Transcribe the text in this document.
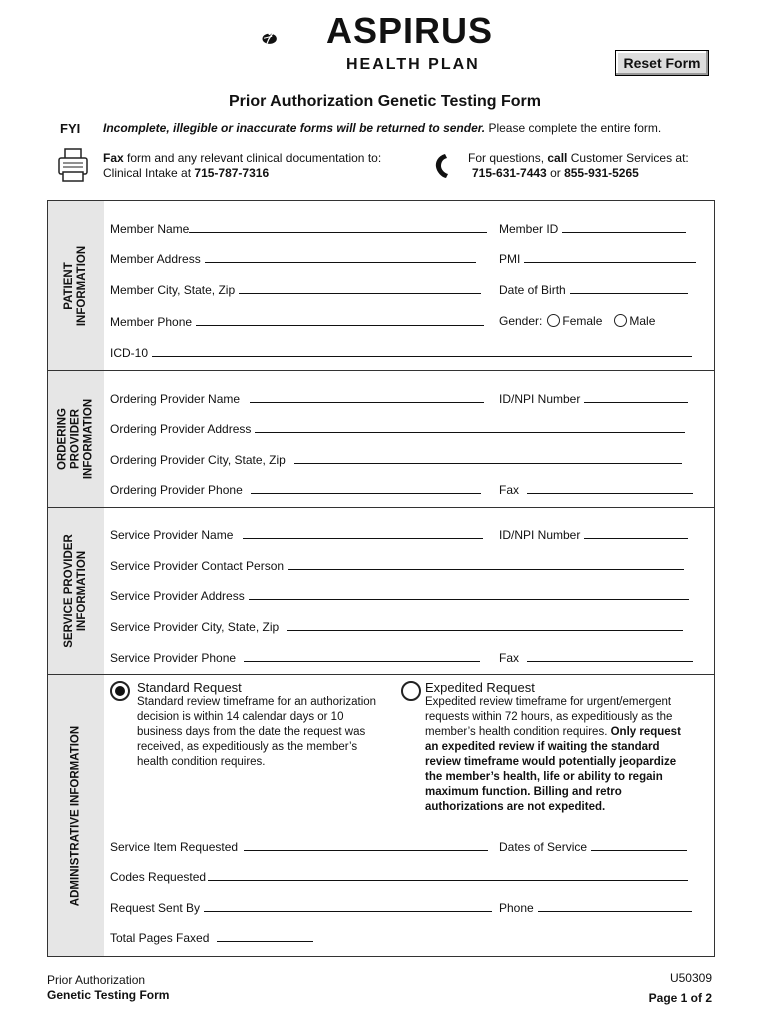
ASPIRUS
HEALTH PLAN	Reset Form
Prior Authorization Genetic Testing Form
FYI Incomplete, illegible or inaccurate forms will be returned to sender. Please complete the entire form.
Fax form and any relevant clinical documentation to:
Clinical Intake at 715-787-7316
For questions, call Customer Services at:
715-631-7443 or 855-931-5265
PATIENT INFORMATION
ORDERING PROVIDER INFORMATION
SERVICE PROVIDER INFORMATION
ADMINISTRATIVE INFORMATION
Member Name	Member ID
Member Address	PMI
Member City, State, Zip	Date of Birth
Member Phone	Gender: Female Male
ICD-10
Ordering Provider Name	ID/NPI Number
Ordering Provider Address
Ordering Provider City, State, Zip
Ordering Provider Phone	Fax
Service Provider Name	ID/NPI Number
Service Provider Contact Person
Service Provider Address
Service Provider City, State, Zip
Service Provider Phone	Fax
Standard Request
Standard review timeframe for an authorization
decision is within 14 calendar days or 10
business days from the date the request was
received, as expeditiously as the member’s
health condition requires.
Expedited Request
Expedited review timeframe for urgent/emergent
requests within 72 hours, as expeditiously as the
member’s health condition requires. Only request
an expedited review if waiting the standard
review timeframe would potentially jeopardize
the member’s health, life or ability to regain
maximum function. Billing and retro
authorizations are not expedited.
Service Item Requested	Dates of Service
Codes Requested
Request Sent By	Phone
Total Pages Faxed
Prior Authorization
Genetic Testing Form
U50309
Page 1 of 2
